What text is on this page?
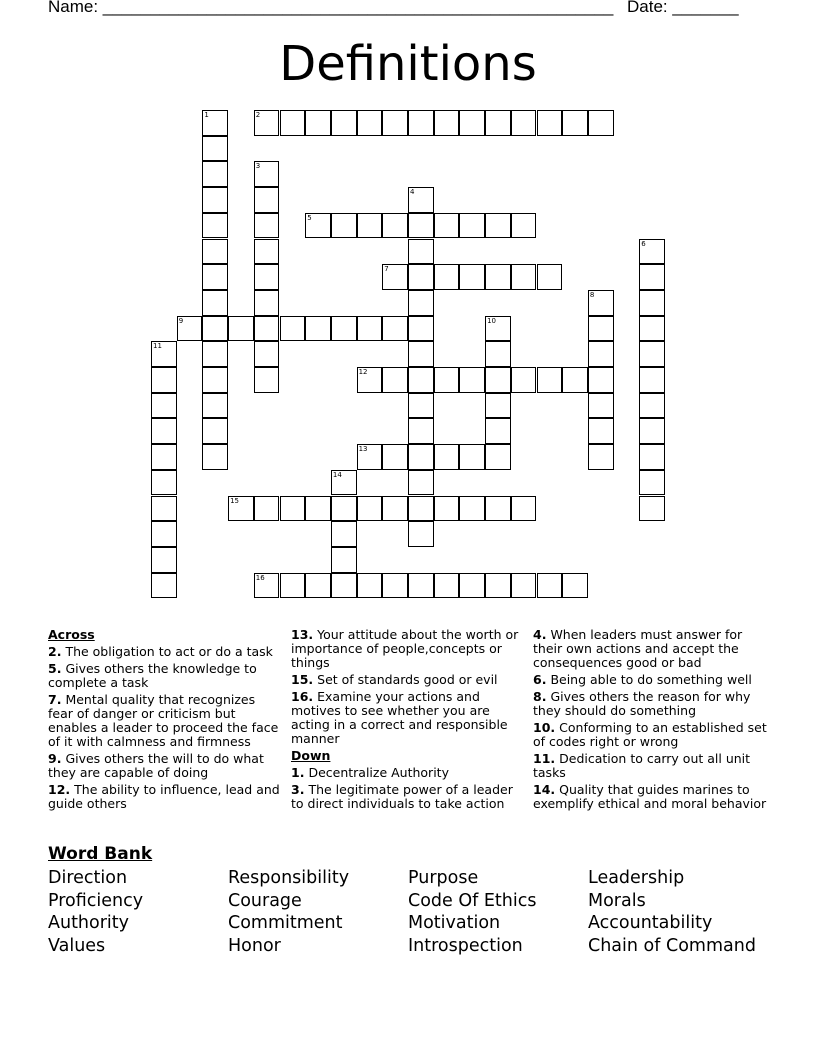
Name: ______________________________________________________ Date: _______
Definitions
1	2
3
4
5
6
7
8
9	10
11
12
13
14
15
16
Across

2. The obligation to act or do a task

5. Gives others the knowledge to complete a task

7. Mental quality that recognizes fear of danger or criticism but enables a leader to proceed the face of it with calmness and firmness

9. Gives others the will to do what they are capable of doing

12. The ability to influence, lead and guide others

13. Your attitude about the worth or importance of people,concepts or things

15. Set of standards good or evil

16. Examine your actions and motives to see whether you are acting in a correct and responsible manner

Down

1. Decentralize Authority

3. The legitimate power of a leader to direct individuals to take action

4. When leaders must answer for their own actions and accept the consequences good or bad

6. Being able to do something well

8. Gives others the reason for why they should do something

10. Conforming to an established set of codes right or wrong

11. Dedication to carry out all unit tasks

14. Quality that guides marines to exemplify ethical and moral behavior

Word Bank
Direction
Proficiency
Authority
Values
Responsibility
Courage
Commitment
Honor
Purpose
Code Of Ethics
Motivation
Introspection
Leadership
Morals
Accountability
Chain of Command
